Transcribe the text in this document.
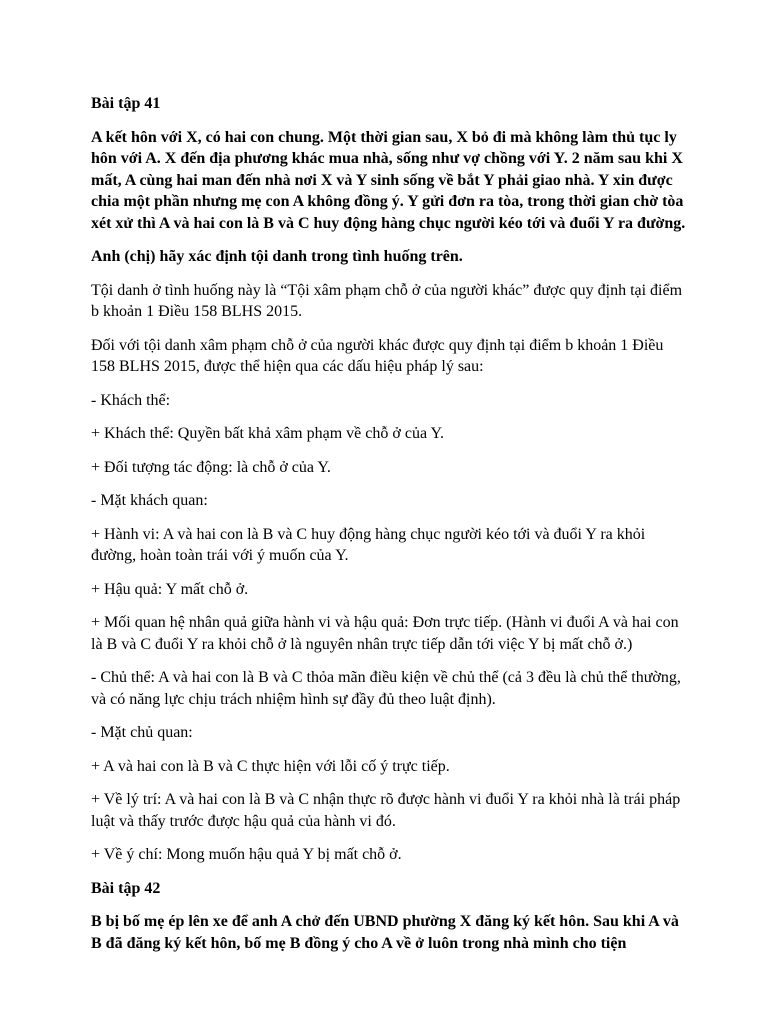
Bài tập 41

A kết hôn với X, có hai con chung. Một thời gian sau, X bỏ đi mà không làm thủ tục ly hôn với A. X đến địa phương khác mua nhà, sống như vợ chồng với Y. 2 năm sau khi X mất, A cùng hai man đến nhà nơi X và Y sinh sống về bắt Y phải giao nhà. Y xin được chia một phần nhưng mẹ con A không đồng ý. Y gửi đơn ra tòa, trong thời gian chờ tòa xét xử thì A và hai con là B và C huy động hàng chục người kéo tới và đuổi Y ra đường.

Anh (chị) hãy xác định tội danh trong tình huống trên.

Tội danh ở tình huống này là “Tội xâm phạm chỗ ở của người khác” được quy định tại điểm b khoản 1 Điều 158 BLHS 2015.

Đối với tội danh xâm phạm chỗ ở của người khác được quy định tại điểm b khoản 1 Điều 158 BLHS 2015, được thể hiện qua các dấu hiệu pháp lý sau:

- Khách thể:

+ Khách thể: Quyền bất khả xâm phạm về chỗ ở của Y.

+ Đối tượng tác động: là chỗ ở của Y.

- Mặt khách quan:

+ Hành vi: A và hai con là B và C huy động hàng chục người kéo tới và đuổi Y ra khỏi đường, hoàn toàn trái với ý muốn của Y.

+ Hậu quả: Y mất chỗ ở.

+ Mối quan hệ nhân quả giữa hành vi và hậu quả: Đơn trực tiếp. (Hành vi đuổi A và hai con là B và C đuổi Y ra khỏi chỗ ở là nguyên nhân trực tiếp dẫn tới việc Y bị mất chỗ ở.)

- Chủ thể: A và hai con là B và C thỏa mãn điều kiện về chủ thể (cả 3 đều là chủ thể thường, và có năng lực chịu trách nhiệm hình sự đầy đủ theo luật định).

- Mặt chủ quan:

+ A và hai con là B và C thực hiện với lỗi cố ý trực tiếp.

+ Về lý trí: A và hai con là B và C nhận thực rõ được hành vi đuổi Y ra khỏi nhà là trái pháp luật và thấy trước được hậu quả của hành vi đó.

+ Về ý chí: Mong muốn hậu quả Y bị mất chỗ ở.

Bài tập 42

B bị bố mẹ ép lên xe để anh A chở đến UBND phường X đăng ký kết hôn. Sau khi A và B đã đăng ký kết hôn, bố mẹ B đồng ý cho A về ở luôn trong nhà mình cho tiện
